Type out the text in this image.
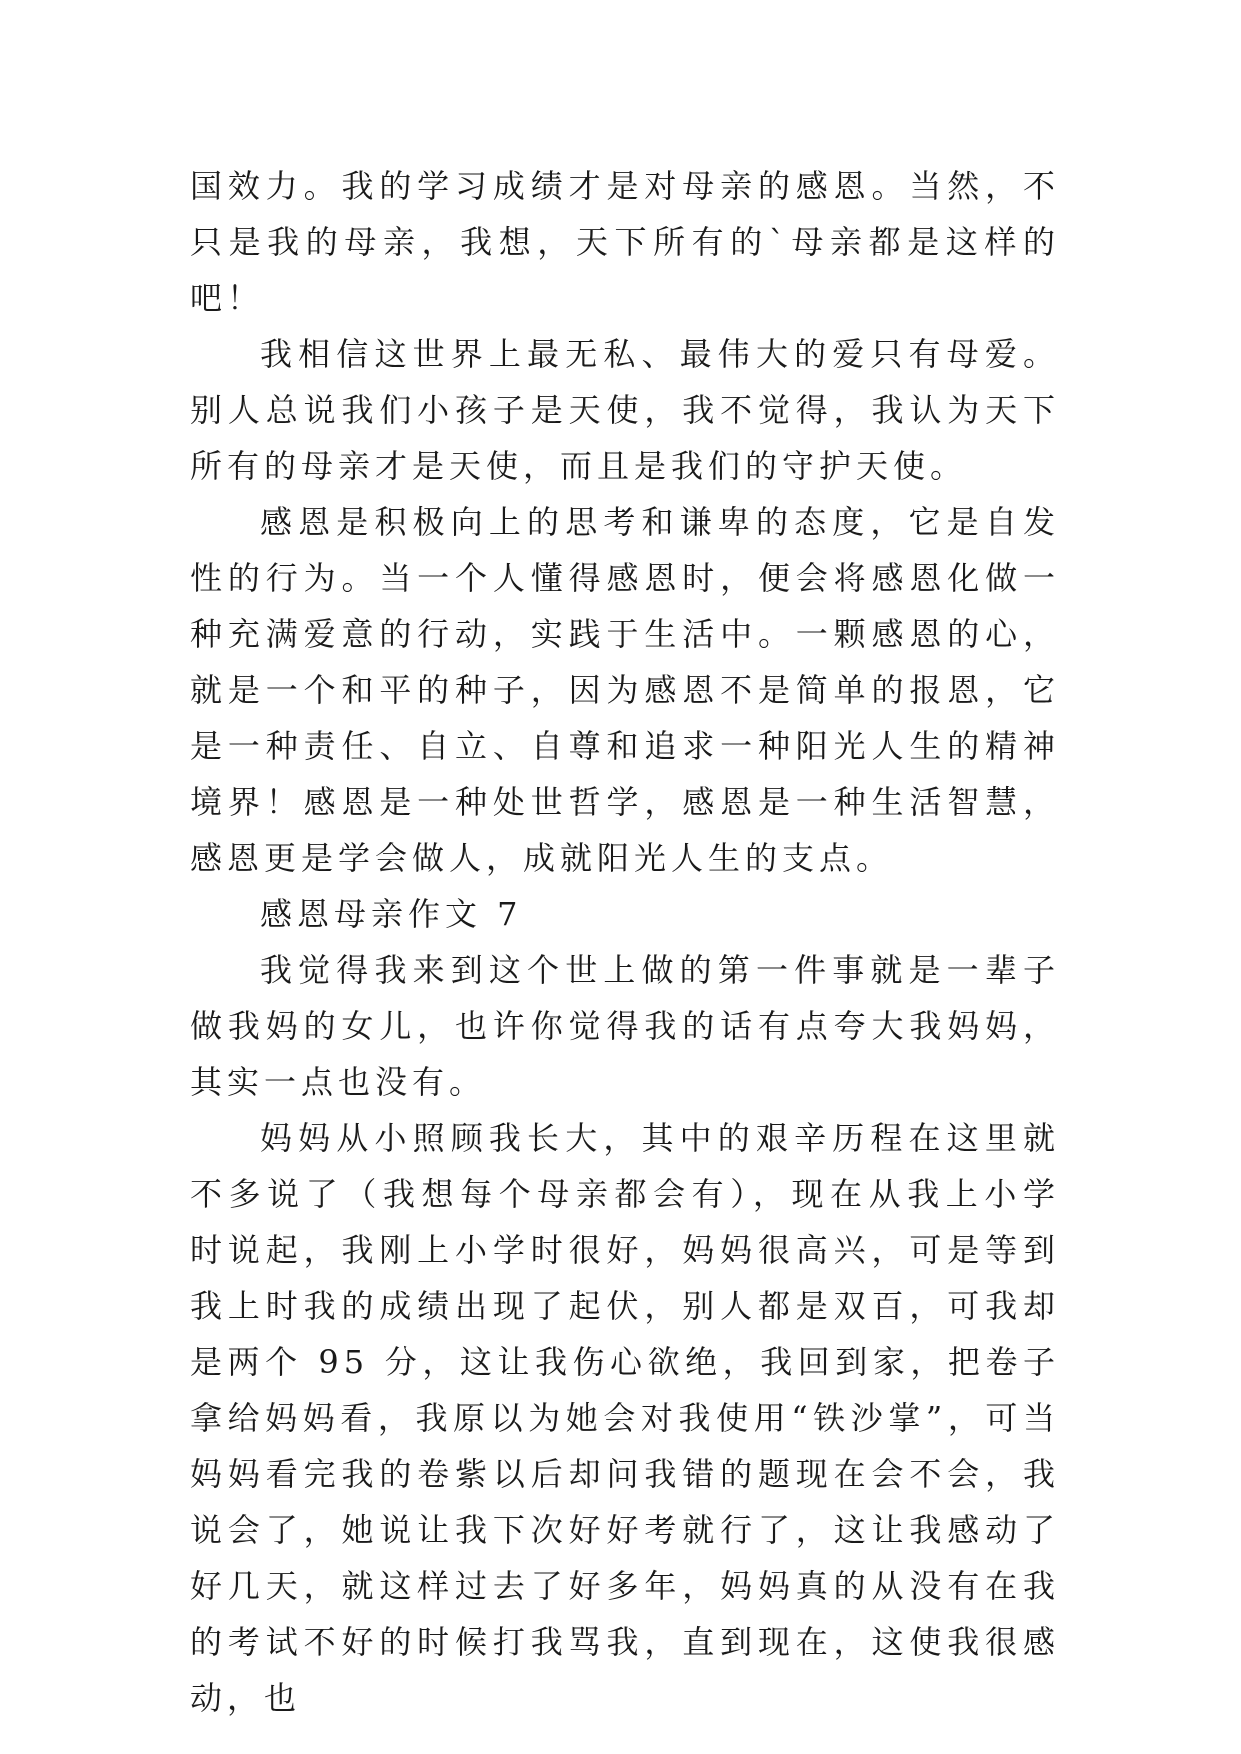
国效力。我的学习成绩才是对母亲的感恩。当然，不只是我的母亲，我想，天下所有的`母亲都是这样的吧！

我相信这世界上最无私、最伟大的爱只有母爱。别人总说我们小孩子是天使，我不觉得，我认为天下所有的母亲才是天使，而且是我们的守护天使。

感恩是积极向上的思考和谦卑的态度，它是自发性的行为。当一个人懂得感恩时，便会将感恩化做一种充满爱意的行动，实践于生活中。一颗感恩的心，就是一个和平的种子，因为感恩不是简单的报恩，它是一种责任、自立、自尊和追求一种阳光人生的精神境界！感恩是一种处世哲学，感恩是一种生活智慧，感恩更是学会做人，成就阳光人生的支点。

感恩母亲作文 7

我觉得我来到这个世上做的第一件事就是一辈子做我妈的女儿，也许你觉得我的话有点夸大我妈妈，其实一点也没有。

妈妈从小照顾我长大，其中的艰辛历程在这里就不多说了（我想每个母亲都会有），现在从我上小学时说起，我刚上小学时很好，妈妈很高兴，可是等到我上时我的成绩出现了起伏，别人都是双百，可我却是两个 95 分，这让我伤心欲绝，我回到家，把卷子拿给妈妈看，我原以为她会对我使用“铁沙掌”，可当妈妈看完我的卷紫以后却问我错的题现在会不会，我说会了，她说让我下次好好考就行了，这让我感动了好几天，就这样过去了好多年，妈妈真的从没有在我的考试不好的时候打我骂我，直到现在，这使我很感动，也
